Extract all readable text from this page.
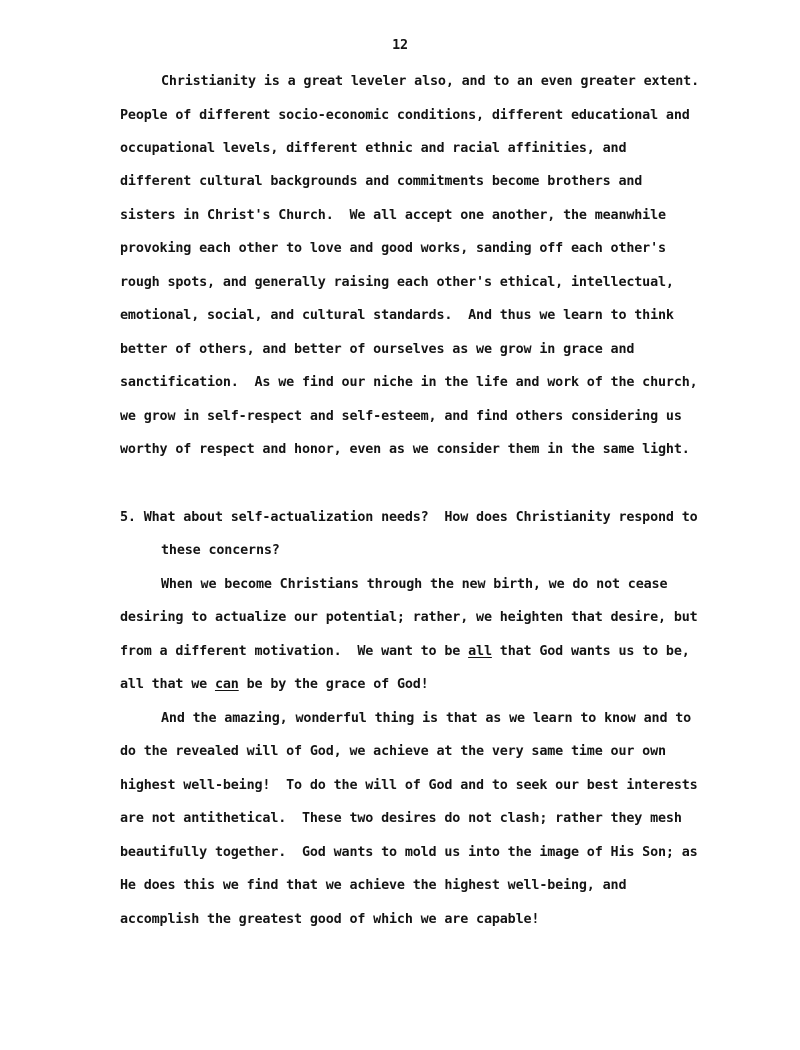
12
Christianity is a great leveler also, and to an even greater extent.
People of different socio-economic conditions, different educational and
occupational levels, different ethnic and racial affinities, and
different cultural backgrounds and commitments become brothers and
sisters in Christ's Church.  We all accept one another, the meanwhile
provoking each other to love and good works, sanding off each other's
rough spots, and generally raising each other's ethical, intellectual,
emotional, social, and cultural standards.  And thus we learn to think
better of others, and better of ourselves as we grow in grace and
sanctification.  As we find our niche in the life and work of the church,
we grow in self-respect and self-esteem, and find others considering us
worthy of respect and honor, even as we consider them in the same light.
5. What about self-actualization needs?  How does Christianity respond to
these concerns?
When we become Christians through the new birth, we do not cease
desiring to actualize our potential; rather, we heighten that desire, but
from a different motivation.  We want to be all that God wants us to be,
all that we can be by the grace of God!
And the amazing, wonderful thing is that as we learn to know and to
do the revealed will of God, we achieve at the very same time our own
highest well-being!  To do the will of God and to seek our best interests
are not antithetical.  These two desires do not clash; rather they mesh
beautifully together.  God wants to mold us into the image of His Son; as
He does this we find that we achieve the highest well-being, and
accomplish the greatest good of which we are capable!
